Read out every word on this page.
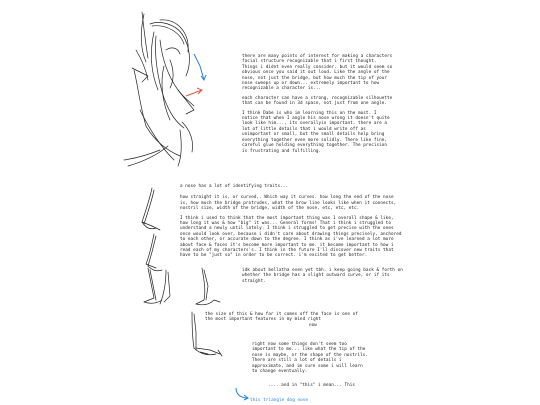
there are many points of interest for making a characters facial structure recognizable that i first thought. Things i didnt even really consider. but it would seem so obvious once you said it out loud. Like the angle of the nose, not just the bridge, but how much the tip of your nose sweeps up or down... extremely important to how recognizable a character is...

each character can have a strong, recognizable silhouette that can be found in 3d space, not just from one angle.

I think Dabe is who im learning this on the most. I notice that when I angle his nose wrong it doesn't quite look like him..., its overallyin important. there are a lot of little details that i would write off as unimportant or small, but the small details help bring everything together even more solidly. There like fine, careful glue holding everything together. The precision is frustrating and fulfilling.

a nose has a lot of identifying traits...

how straight it is, or curved,. Which way it curves. how long the end of the nose is, how much the bridge protrudes, what the brow line looks like when it connects, nostril size, width of the bridge, width of the nose, etc, etc, etc.

I think i used to think that the most important thing was 1 overall shape & like, how long it was & how "big" it was... General forms! That i think i struggled to understand a newly until lately. I think i struggled to get precise with the ones once would look over, because i didn't care about drawing things precisely, anchored to each other, or accurate down to the degree. I think as i've learned a lot more about face & faces it's become more important to me. it become important to how i read each of my characters's. I think in the future I'll discover new traits that have to be "just so" in order to be correct. i'm excited to get better.

idk about bellatha even yet tbh. i keep going back & forth on whether the bridge has a slight outward curve, or if its straight.

the size of this & how far it comes off the face is one of the most important features in my mind right

now

right now some things don't seem too important to me... like what the tip of the nose is maybe, or the shape of the nostrils. There are still a lot of details i approximate, and im sure some i will learn to change eventually.

.... and in "this" i mean... This

this triangle dog nose
